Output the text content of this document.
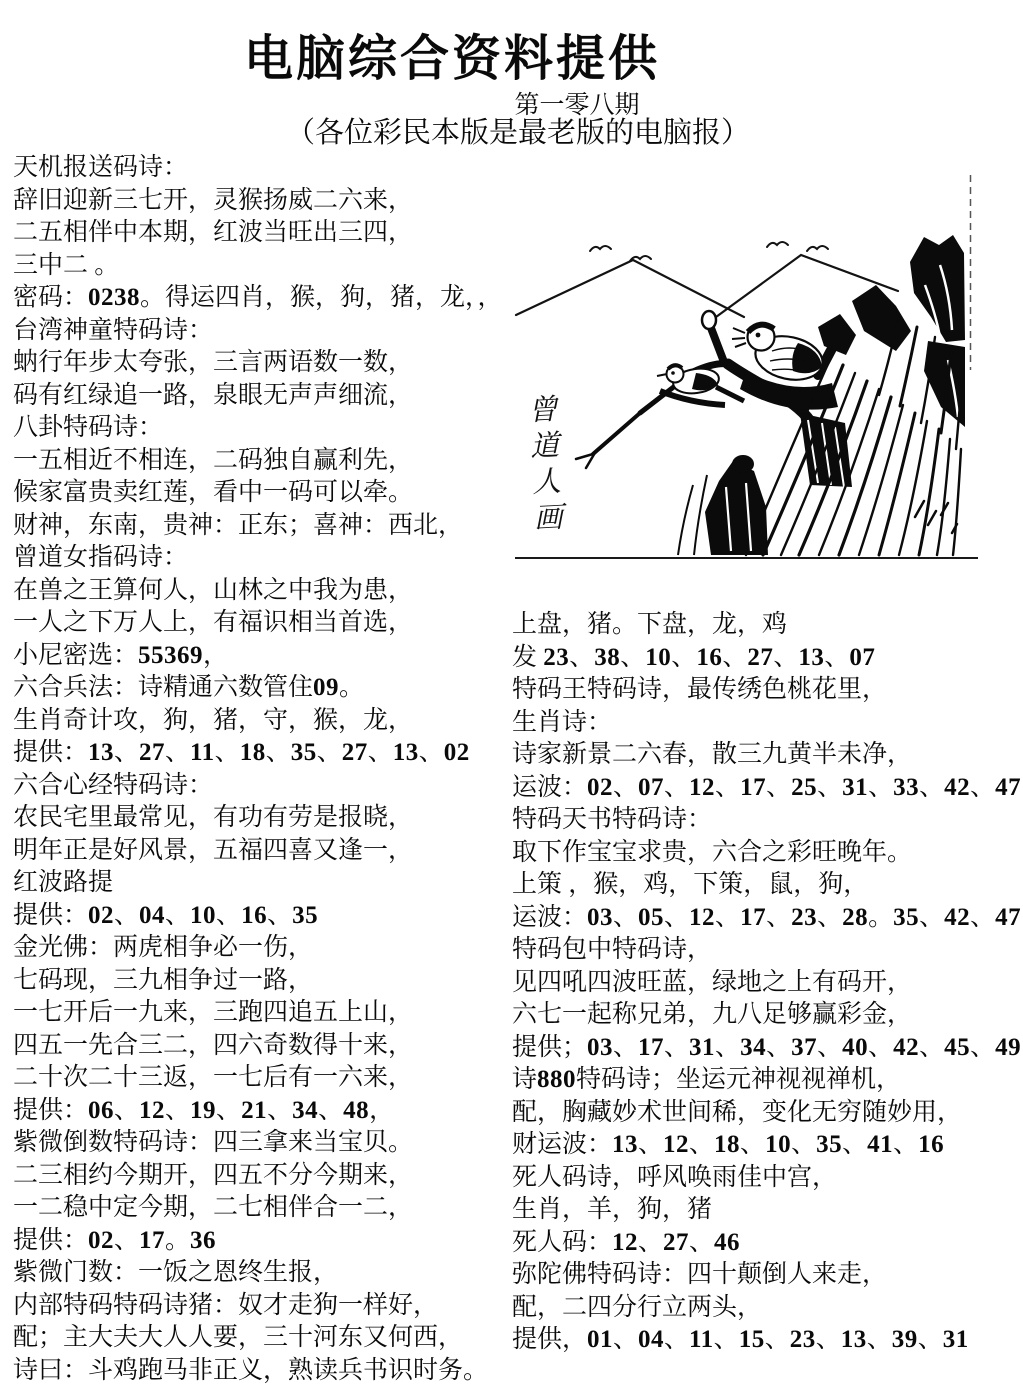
电脑综合资料提供
第一零八期
（各位彩民本版是最老版的电脑报）
曾道人画
天机报送码诗：
辞旧迎新三七开，灵猴扬威二六来，
二五相伴中本期，红波当旺出三四，
三中二 。
密码：0238。得运四肖，猴，狗，猪，龙，，
台湾神童特码诗：
蚋行年步太夸张，三言两语数一数，
码有红绿追一路，泉眼无声声细流，
八卦特码诗：
一五相近不相连，二码独自赢利先，
候家富贵卖红莲，看中一码可以牵。
财神，东南，贵神：正东；喜神：西北，
曾道女指码诗：
在兽之王算何人，山林之中我为患，
一人之下万人上，有福识相当首选，
小尼密选：55369，
六合兵法：诗精通六数管住09。
生肖奇计攻，狗，猪，守，猴，龙，
提供：13、27、11、18、35、27、13、02
六合心经特码诗：
农民宅里最常见，有功有劳是报晓，
明年正是好风景，五福四喜又逢一，
红波路提
提供：02、04、10、16、35
金光佛：两虎相争必一伤，
七码现，三九相争过一路，
一七开后一九来，三跑四追五上山，
四五一先合三二，四六奇数得十来，
二十次二十三返，一七后有一六来，
提供：06、12、19、21、34、48，
紫微倒数特码诗：四三拿来当宝贝。
二三相约今期开，四五不分今期来，
一二稳中定今期，二七相伴合一二，
提供：02、17。36
紫微门数：一饭之恩终生报，
内部特码特码诗猪：奴才走狗一样好，
配；主大夫大人人要，三十河东又何西，
诗曰：斗鸡跑马非正义，熟读兵书识时务。
上盘，猪。下盘，龙，鸡
发 23、38、10、16、27、13、07
特码王特码诗，最传绣色桃花里，
生肖诗：
诗家新景二六春，散三九黄半未净，
运波：02、07、12、17、25、31、33、42、47
特码天书特码诗：
取下作宝宝求贵，六合之彩旺晚年。
上策 ，猴，鸡，下策，鼠，狗，
运波：03、05、12、17、23、28。35、42、47
特码包中特码诗，
见四吼四波旺蓝，绿地之上有码开，
六七一起称兄弟，九八足够赢彩金，
提供；03、17、31、34、37、40、42、45、49
诗880特码诗；坐运元神视视禅机，
配，胸藏妙术世间稀，变化无穷随妙用，
财运波：13、12、18、10、35、41、16
死人码诗，呼风唤雨佳中宫，
生肖，羊，狗，猪
死人码：12、27、46
弥陀佛特码诗：四十颠倒人来走，
配，二四分行立两头，
提供，01、04、11、15、23、13、39、31
